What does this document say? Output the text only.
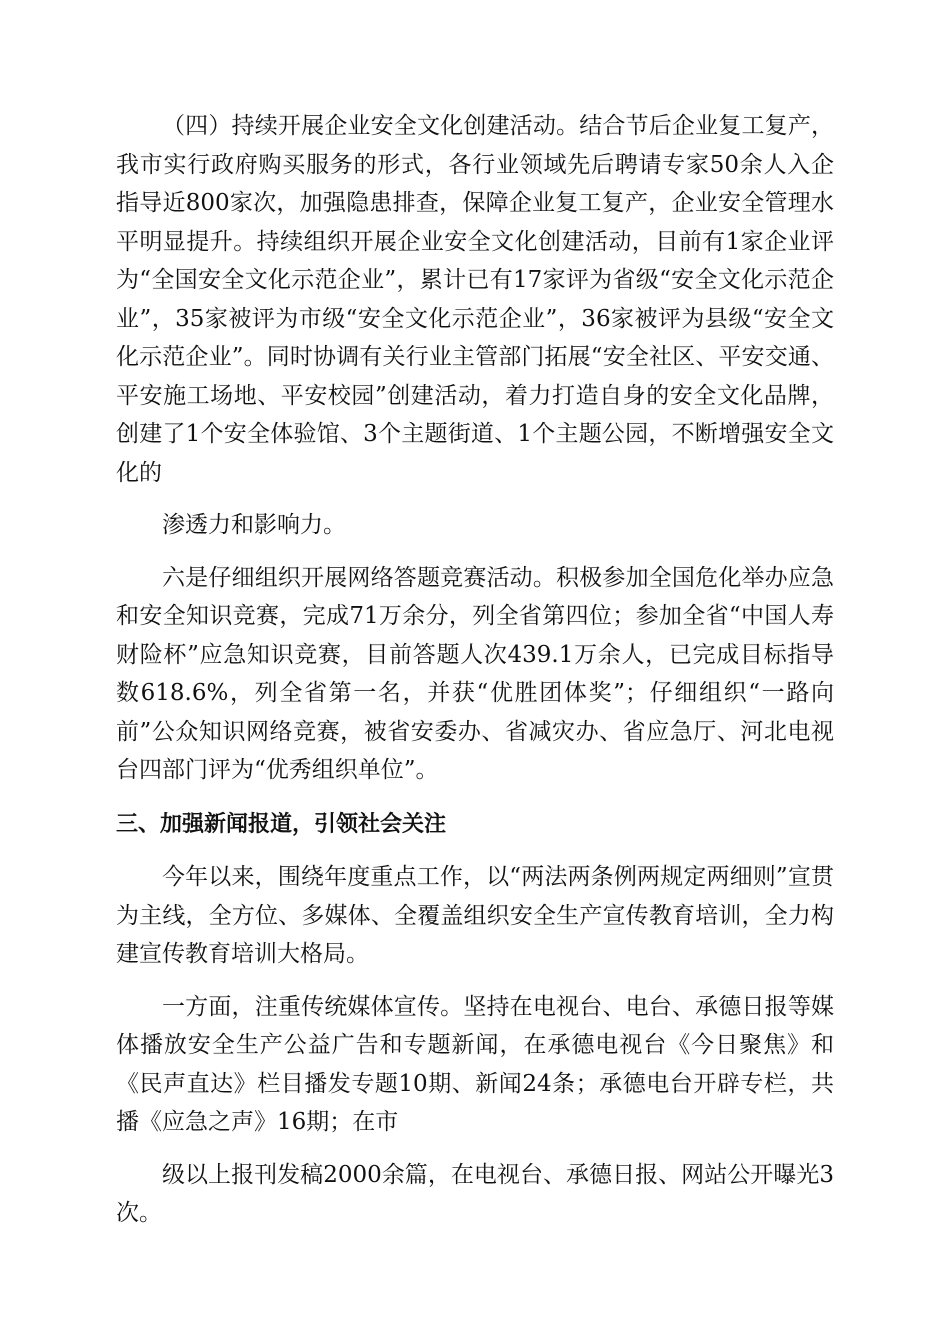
（四）持续开展企业安全文化创建活动。结合节后企业复工复产，我市实行政府购买服务的形式，各行业领域先后聘请专家50余人入企指导近800家次，加强隐患排查，保障企业复工复产，企业安全管理水平明显提升。持续组织开展企业安全文化创建活动，目前有1家企业评为“全国安全文化示范企业”，累计已有17家评为省级“安全文化示范企业”，35家被评为市级“安全文化示范企业”，36家被评为县级“安全文化示范企业”。同时协调有关行业主管部门拓展“安全社区、平安交通、平安施工场地、平安校园”创建活动，着力打造自身的安全文化品牌，创建了1个安全体验馆、3个主题街道、1个主题公园，不断增强安全文化的

渗透力和影响力。

六是仔细组织开展网络答题竞赛活动。积极参加全国危化举办应急和安全知识竞赛，完成71万余分，列全省第四位；参加全省“中国人寿财险杯”应急知识竞赛，目前答题人次439.1万余人，已完成目标指导数618.6%，列全省第一名，并获“优胜团体奖”；仔细组织“一路向前”公众知识网络竞赛，被省安委办、省减灾办、省应急厅、河北电视台四部门评为“优秀组织单位”。

三、加强新闻报道，引领社会关注

今年以来，围绕年度重点工作，以“两法两条例两规定两细则”宣贯为主线，全方位、多媒体、全覆盖组织安全生产宣传教育培训，全力构建宣传教育培训大格局。

一方面，注重传统媒体宣传。坚持在电视台、电台、承德日报等媒体播放安全生产公益广告和专题新闻，在承德电视台《今日聚焦》和《民声直达》栏目播发专题10期、新闻24条；承德电台开辟专栏，共播《应急之声》16期；在市

级以上报刊发稿2000余篇，在电视台、承德日报、网站公开曝光3次。
